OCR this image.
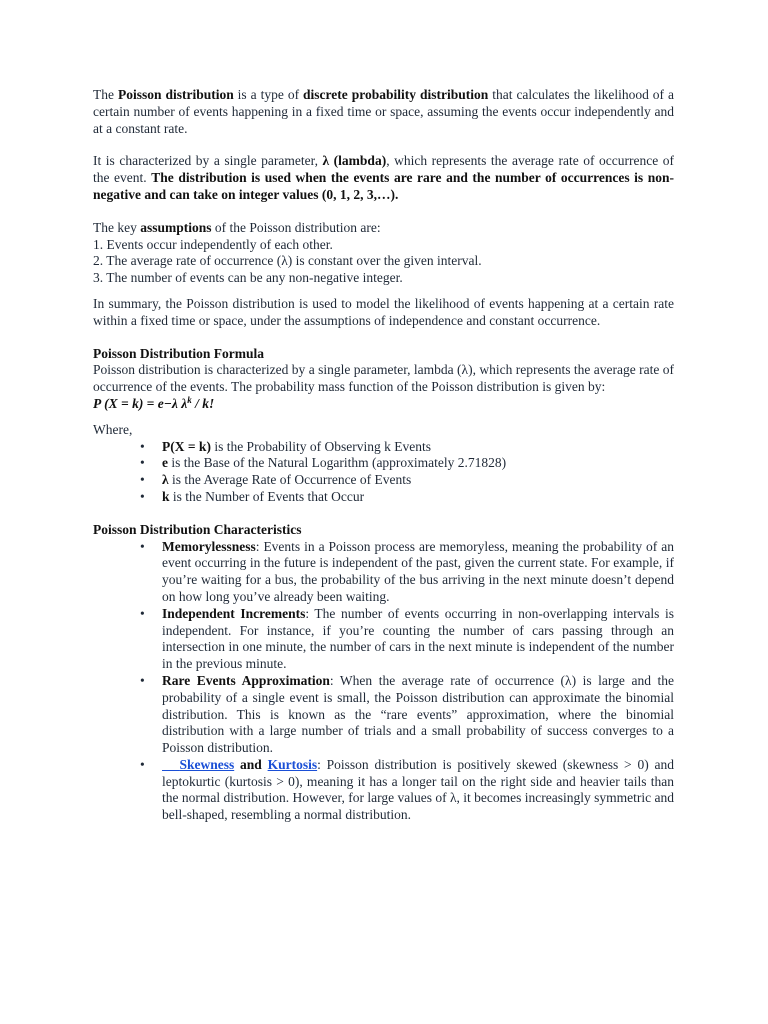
The Poisson distribution is a type of discrete probability distribution that calculates the likelihood of a certain number of events happening in a fixed time or space, assuming the events occur independently and at a constant rate.

It is characterized by a single parameter, λ (lambda), which represents the average rate of occurrence of the event. The distribution is used when the events are rare and the number of occurrences is non-negative and can take on integer values (0, 1, 2, 3,…).

The key assumptions of the Poisson distribution are:

1. Events occur independently of each other.

2. The average rate of occurrence (λ) is constant over the given interval.

3. The number of events can be any non-negative integer.

In summary, the Poisson distribution is used to model the likelihood of events happening at a certain rate within a fixed time or space, under the assumptions of independence and constant occurrence.

Poisson Distribution Formula

Poisson distribution is characterized by a single parameter, lambda (λ), which represents the average rate of occurrence of the events. The probability mass function of the Poisson distribution is given by:

P (X = k) = e−λ $\lambda^k$ / k!

Where,

• P(X = k) is the Probability of Observing k Events
• e is the Base of the Natural Logarithm (approximately 2.71828)
• λ is the Average Rate of Occurrence of Events
• k is the Number of Events that Occur

Poisson Distribution Characteristics

• Memorylessness: Events in a Poisson process are memoryless, meaning the probability of an event occurring in the future is independent of the past, given the current state. For example, if you’re waiting for a bus, the probability of the bus arriving in the next minute doesn’t depend on how long you’ve already been waiting.
• Independent Increments: The number of events occurring in non-overlapping intervals is independent. For instance, if you’re counting the number of cars passing through an intersection in one minute, the number of cars in the next minute is independent of the number in the previous minute.
• Rare Events Approximation: When the average rate of occurrence (λ) is large and the probability of a single event is small, the Poisson distribution can approximate the binomial distribution. This is known as the “rare events” approximation, where the binomial distribution with a large number of trials and a small probability of success converges to a Poisson distribution.
•	Skewness and Kurtosis: Poisson distribution is positively skewed (skewness > 0) and leptokurtic (kurtosis > 0), meaning it has a longer tail on the right side and heavier tails than the normal distribution. However, for large values of λ, it becomes increasingly symmetric and bell-shaped, resembling a normal distribution.
